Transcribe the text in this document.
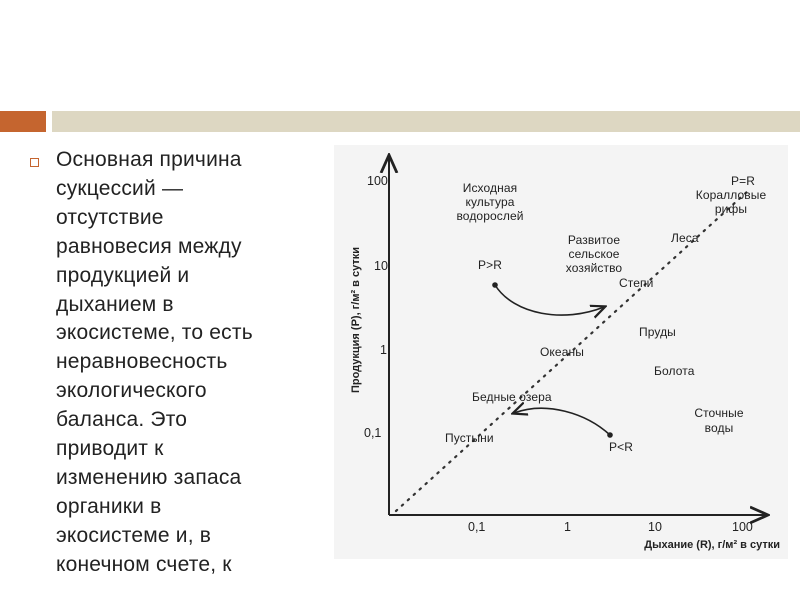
Основная причина
сукцессий —
отсутствие
равновесия между
продукцией и
дыханием в
экосистеме, то есть
неравновесность
экологического
баланса. Это
приводит к
изменению запаса
органики в
экосистеме и, в
конечном счете, к

100
10
1
0,1
0,1	1	10	100
Продукция (P), г/м² в сутки
Дыхание (R), г/м² в сутки
P=R
Исходная
культура
водорослей
Коралловые
рифы
Леса
Развитое
сельское
хозяйство
Степи
P>R
Пруды
Океаны
Болота
Бедные озера
Сточные
воды
Пустыни
P<R
